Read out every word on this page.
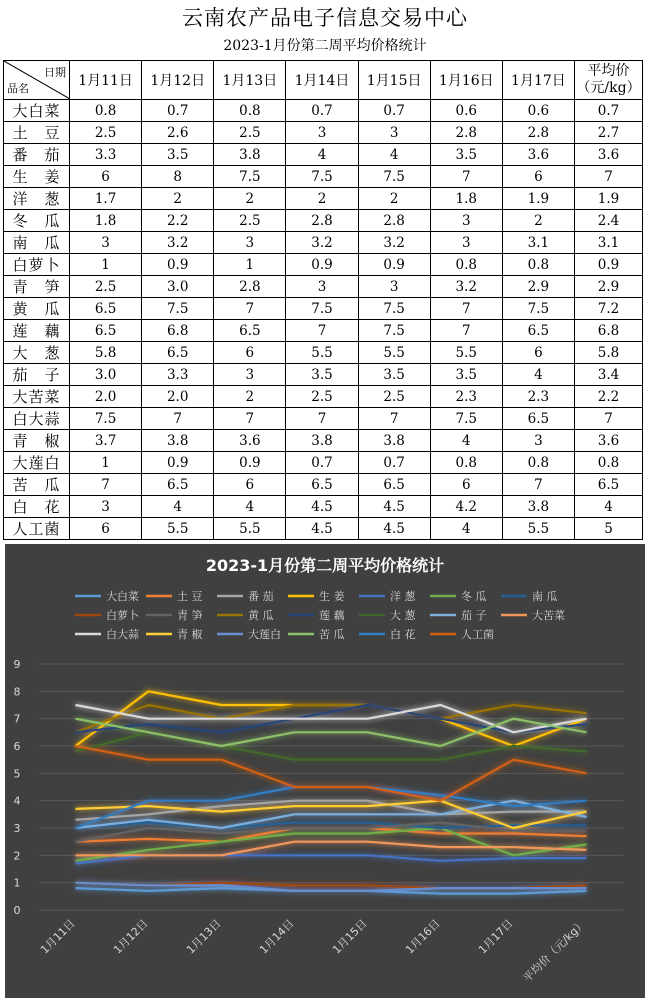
云南农产品电子信息交易中心
2023-1月份第二周平均价格统计
日期
品名	1月11日	1月12日	1月13日	1月14日	1月15日	1月16日	1月17日	平均价
（元/kg）
大白菜	0.8	0.7	0.8	0.7	0.7	0.6	0.6	0.7
土　豆	2.5	2.6	2.5	3	3	2.8	2.8	2.7
番　茄	3.3	3.5	3.8	4	4	3.5	3.6	3.6
生　姜	6	8	7.5	7.5	7.5	7	6	7
洋　葱	1.7	2	2	2	2	1.8	1.9	1.9
冬　瓜	1.8	2.2	2.5	2.8	2.8	3	2	2.4
南　瓜	3	3.2	3	3.2	3.2	3	3.1	3.1
白萝卜	1	0.9	1	0.9	0.9	0.8	0.8	0.9
青　笋	2.5	3.0	2.8	3	3	3.2	2.9	2.9
黄　瓜	6.5	7.5	7	7.5	7.5	7	7.5	7.2
莲　藕	6.5	6.8	6.5	7	7.5	7	6.5	6.8
大　葱	5.8	6.5	6	5.5	5.5	5.5	6	5.8
茄　子	3.0	3.3	3	3.5	3.5	3.5	4	3.4
大苦菜	2.0	2.0	2	2.5	2.5	2.3	2.3	2.2
白大蒜	7.5	7	7	7	7	7.5	6.5	7
青　椒	3.7	3.8	3.6	3.8	3.8	4	3	3.6
大莲白	1	0.9	0.9	0.7	0.7	0.8	0.8	0.8
苦　瓜	7	6.5	6	6.5	6.5	6	7	6.5
白　花	3	4	4	4.5	4.5	4.2	3.8	4
人工菌	6	5.5	5.5	4.5	4.5	4	5.5	5
2023-1月份第二周平均价格统计
大白菜	土 豆	番 茄	生 姜	洋 葱	冬 瓜	南 瓜
白萝卜	青 笋	黄 瓜	莲 藕	大 葱	茄 子	大苦菜
白大蒜	青 椒	大莲白	苦 瓜	白 花	人工菌
0
1
2
3
4
5
6
7
8
9
1月11日	1月12日	1月13日	1月14日	1月15日	1月16日	1月17日 平均价（元/kg）
